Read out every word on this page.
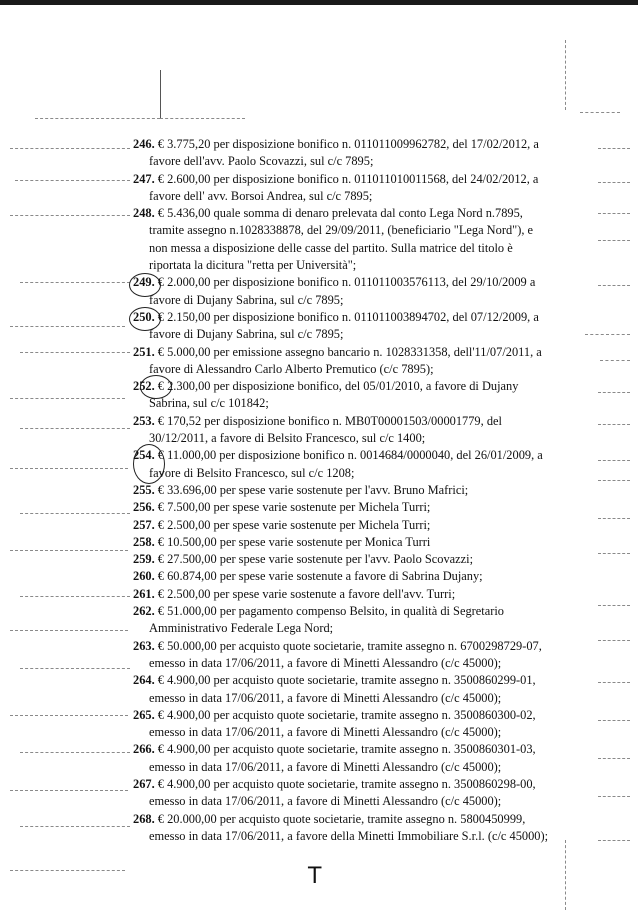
246. € 3.775,20 per disposizione bonifico n. 011011009962782, del 17/02/2012, a
favore dell'avv. Paolo Scovazzi, sul c/c 7895;
247. € 2.600,00 per disposizione bonifico n. 011011010011568, del 24/02/2012, a
favore dell' avv. Borsoi Andrea, sul c/c 7895;
248. € 5.436,00 quale somma di denaro prelevata dal conto Lega Nord n.7895,
tramite assegno n.1028338878, del 29/09/2011, (beneficiario "Lega Nord"), e
non messa a disposizione delle casse del partito. Sulla matrice del titolo è
riportata la dicitura "retta per Università";
249. € 2.000,00 per disposizione bonifico n. 011011003576113, del 29/10/2009 a
favore di Dujany Sabrina, sul c/c 7895;
250. € 2.150,00 per disposizione bonifico n. 011011003894702, del 07/12/2009, a
favore di Dujany Sabrina, sul c/c 7895;
251. € 5.000,00 per emissione assegno bancario n. 1028331358, dell'11/07/2011, a
favore di Alessandro Carlo Alberto Premutico (c/c 7895);
252. € 2.300,00 per disposizione bonifico, del 05/01/2010, a favore di Dujany
Sabrina, sul c/c 101842;
253. € 170,52 per disposizione bonifico n. MB0T00001503/00001779, del
30/12/2011, a favore di Belsito Francesco, sul c/c 1400;
254. € 11.000,00 per disposizione bonifico n. 0014684/0000040, del 26/01/2009, a
favore di Belsito Francesco, sul c/c 1208;
255. € 33.696,00 per spese varie sostenute per l'avv. Bruno Mafrici;
256. € 7.500,00 per spese varie sostenute per Michela Turri;
257. € 2.500,00 per spese varie sostenute per Michela Turri;
258. € 10.500,00 per spese varie sostenute per Monica Turri
259. € 27.500,00 per spese varie sostenute per l'avv. Paolo Scovazzi;
260. € 60.874,00 per spese varie sostenute a favore di Sabrina Dujany;
261. € 2.500,00 per spese varie sostenute a favore dell'avv. Turri;
262. € 51.000,00 per pagamento compenso Belsito, in qualità di Segretario
Amministrativo Federale Lega Nord;
263. € 50.000,00 per acquisto quote societarie, tramite assegno n. 6700298729-07,
emesso in data 17/06/2011, a favore di Minetti Alessandro (c/c 45000);
264. € 4.900,00 per acquisto quote societarie, tramite assegno n. 3500860299-01,
emesso in data 17/06/2011, a favore di Minetti Alessandro (c/c 45000);
265. € 4.900,00 per acquisto quote societarie, tramite assegno n. 3500860300-02,
emesso in data 17/06/2011, a favore di Minetti Alessandro (c/c 45000);
266. € 4.900,00 per acquisto quote societarie, tramite assegno n. 3500860301-03,
emesso in data 17/06/2011, a favore di Minetti Alessandro (c/c 45000);
267. € 4.900,00 per acquisto quote societarie, tramite assegno n. 3500860298-00,
emesso in data 17/06/2011, a favore di Minetti Alessandro (c/c 45000);
268. € 20.000,00 per acquisto quote societarie, tramite assegno n. 5800450999,
emesso in data 17/06/2011, a favore della Minetti Immobiliare S.r.l. (c/c 45000);
T
